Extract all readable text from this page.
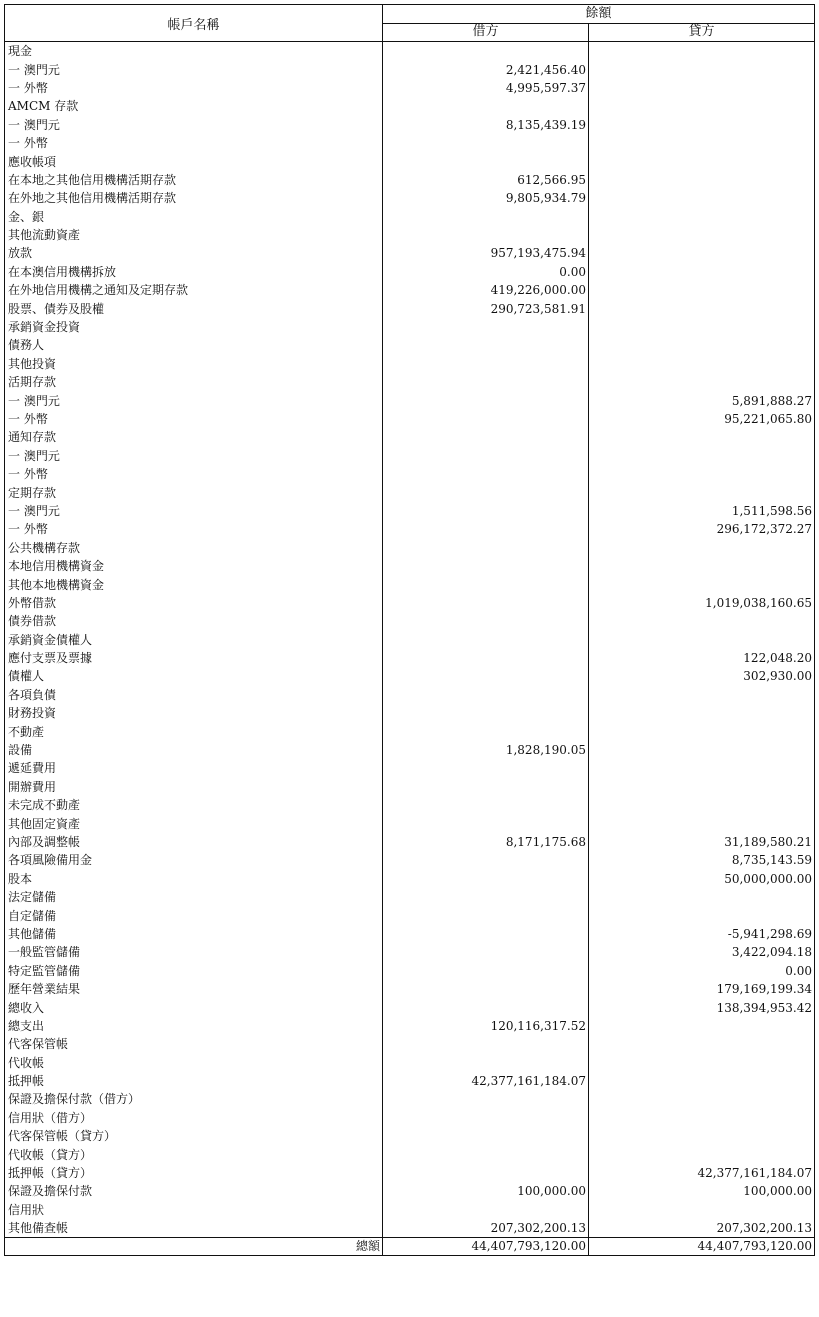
帳戶名稱	餘額	
	借方	貸方
現金		
一 澳門元	2,421,456.40	
一 外幣	4,995,597.37	
AMCM 存款		
一 澳門元	8,135,439.19	
一 外幣		
應收帳項		
在本地之其他信用機構活期存款	612,566.95	
在外地之其他信用機構活期存款	9,805,934.79	
金、銀		
其他流動資產		
放款	957,193,475.94	
在本澳信用機構拆放	0.00	
在外地信用機構之通知及定期存款	419,226,000.00	
股票、債券及股權	290,723,581.91	
承銷資金投資		
債務人		
其他投資		
活期存款		
一 澳門元		5,891,888.27
一 外幣		95,221,065.80
通知存款		
一 澳門元		
一 外幣		
定期存款		
一 澳門元		1,511,598.56
一 外幣		296,172,372.27
公共機構存款		
本地信用機構資金		
其他本地機構資金		
外幣借款		1,019,038,160.65
債券借款		
承銷資金債權人		
應付支票及票據		122,048.20
債權人		302,930.00
各項負債		
財務投資		
不動產		
設備	1,828,190.05	
遞延費用		
開辦費用		
未完成不動產		
其他固定資產		
內部及調整帳	8,171,175.68	31,189,580.21
各項風險備用金		8,735,143.59
股本		50,000,000.00
法定儲備		
自定儲備		
其他儲備		-5,941,298.69
一般監管儲備		3,422,094.18
特定監管儲備		0.00
歷年營業結果		179,169,199.34
總收入		138,394,953.42
總支出	120,116,317.52	
代客保管帳		
代收帳		
抵押帳	42,377,161,184.07	
保證及擔保付款（借方）		
信用狀（借方）		
代客保管帳（貸方）		
代收帳（貸方）		
抵押帳（貸方）		42,377,161,184.07
保證及擔保付款	100,000.00	100,000.00
信用狀		
其他備查帳	207,302,200.13	207,302,200.13
總額	44,407,793,120.00	44,407,793,120.00
